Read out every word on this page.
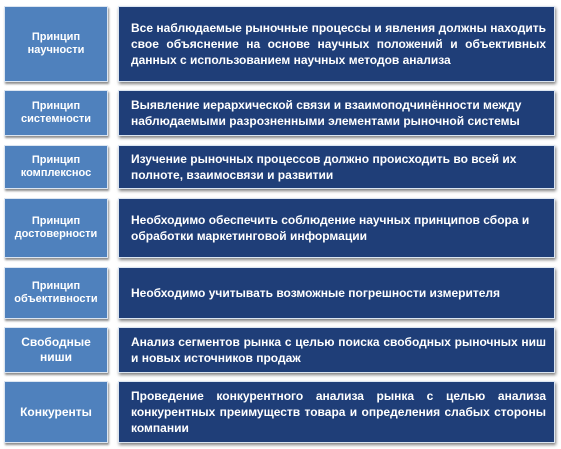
Принцип научности
Все наблюдаемые рыночные процессы и явления должны находить свое объяснение на основе научных положений и объективных данных с использованием научных методов анализа
Принцип системности
Выявление иерархической связи и взаимоподчинённости между наблюдаемыми разрозненными элементами рыночной системы
Принцип комплекснос
Изучение рыночных процессов должно происходить во всей их полноте, взаимосвязи и развитии
Принцип достоверности
Необходимо обеспечить соблюдение научных принципов сбора и обработки маркетинговой информации
Принцип объективности	Необходимо учитывать возможные погрешности измерителя
Свободные ниши
Анализ сегментов рынка с целью поиска свободных рыночных ниш и новых источников продаж
Конкуренты
Проведение конкурентного анализа рынка с целью анализа конкурентных преимуществ товара и определения слабых стороны компании
